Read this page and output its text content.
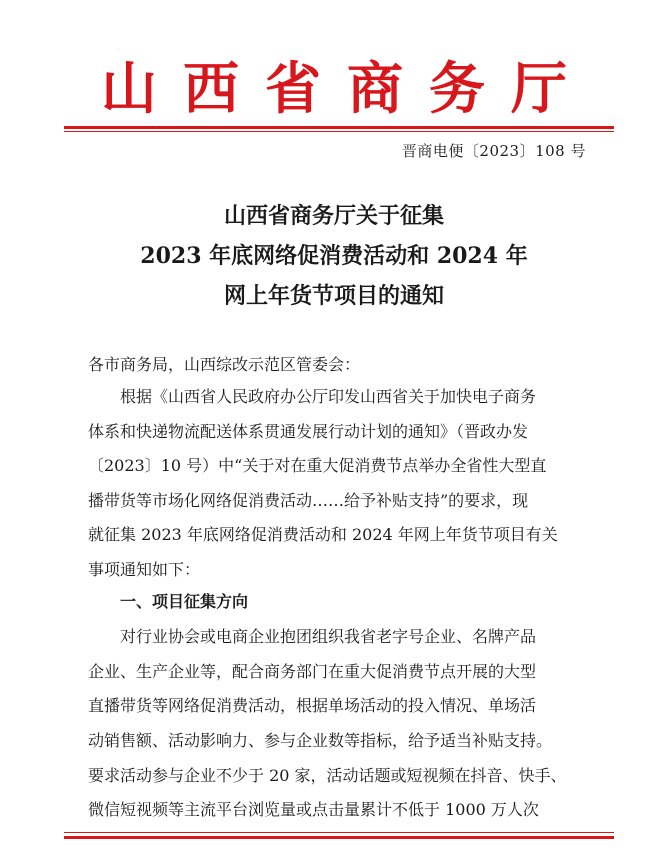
山西省商务厅
晋商电便〔2023〕108 号
山西省商务厅关于征集
2023 年底网络促消费活动和 2024 年
网上年货节项目的通知
各市商务局，山西综改示范区管委会：
根据《山西省人民政府办公厅印发山西省关于加快电子商务
体系和快递物流配送体系贯通发展行动计划的通知》（晋政办发
〔2023〕10 号）中“关于对在重大促消费节点举办全省性大型直
播带货等市场化网络促消费活动……给予补贴支持”的要求，现
就征集 2023 年底网络促消费活动和 2024 年网上年货节项目有关
事项通知如下：
一、项目征集方向
对行业协会或电商企业抱团组织我省老字号企业、名牌产品
企业、生产企业等，配合商务部门在重大促消费节点开展的大型
直播带货等网络促消费活动，根据单场活动的投入情况、单场活
动销售额、活动影响力、参与企业数等指标，给予适当补贴支持。
要求活动参与企业不少于 20 家，活动话题或短视频在抖音、快手、
微信短视频等主流平台浏览量或点击量累计不低于 1000 万人次
